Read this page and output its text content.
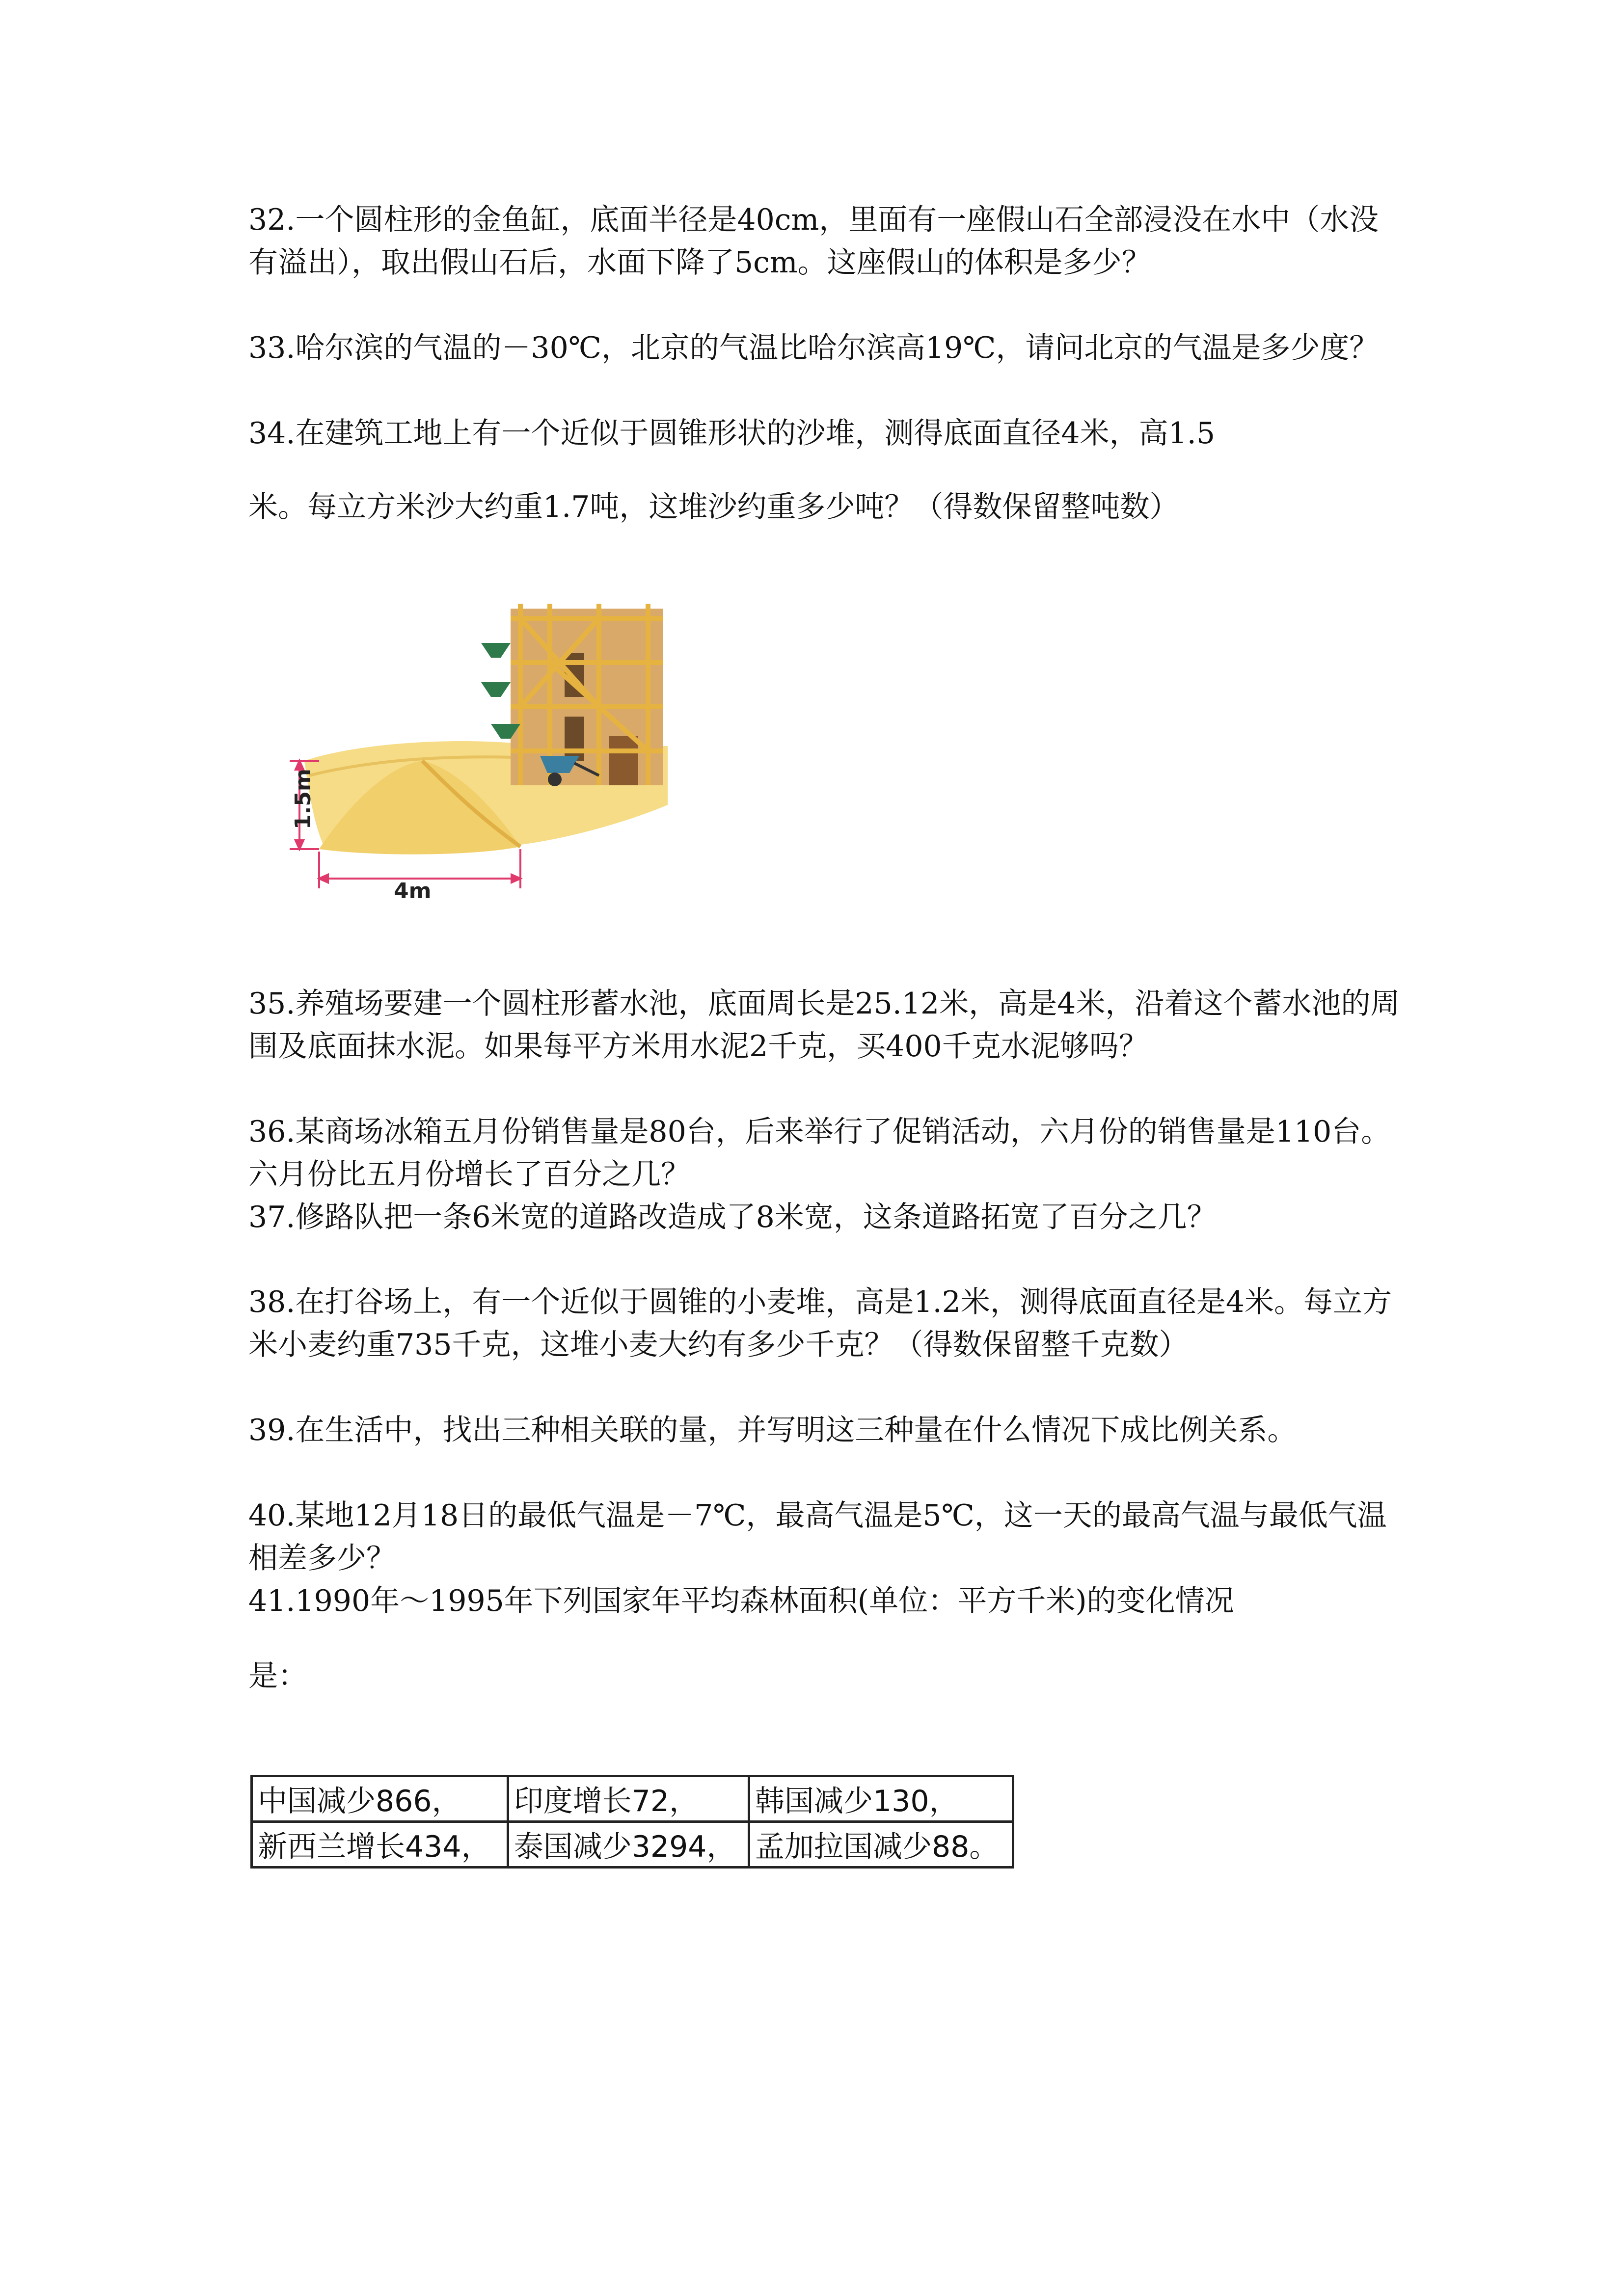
32.一个圆柱形的金鱼缸，底面半径是40cm，里面有一座假山石全部浸没在水中（水没有溢出），取出假山石后，水面下降了5cm。这座假山的体积是多少？

33.哈尔滨的气温的－30℃，北京的气温比哈尔滨高19℃，请问北京的气温是多少度？

34.在建筑工地上有一个近似于圆锥形状的沙堆，测得底面直径4米，高1.5

米。每立方米沙大约重1.7吨，这堆沙约重多少吨？（得数保留整吨数）

1.5m
4m

35.养殖场要建一个圆柱形蓄水池，底面周长是25.12米，高是4米，沿着这个蓄水池的周围及底面抹水泥。如果每平方米用水泥2千克，买400千克水泥够吗？

36.某商场冰箱五月份销售量是80台，后来举行了促销活动，六月份的销售量是110台。六月份比五月份增长了百分之几？

37.修路队把一条6米宽的道路改造成了8米宽，这条道路拓宽了百分之几？

38.在打谷场上，有一个近似于圆锥的小麦堆，高是1.2米，测得底面直径是4米。每立方米小麦约重735千克，这堆小麦大约有多少千克？（得数保留整千克数）

39.在生活中，找出三种相关联的量，并写明这三种量在什么情况下成比例关系。

40.某地12月18日的最低气温是－7℃，最高气温是5℃，这一天的最高气温与最低气温相差多少？

41.1990年～1995年下列国家年平均森林面积(单位：平方千米)的变化情况

是：

中国减少866，	印度增长72，	韩国减少130，
新西兰增长434，	泰国减少3294，	孟加拉国减少88。
